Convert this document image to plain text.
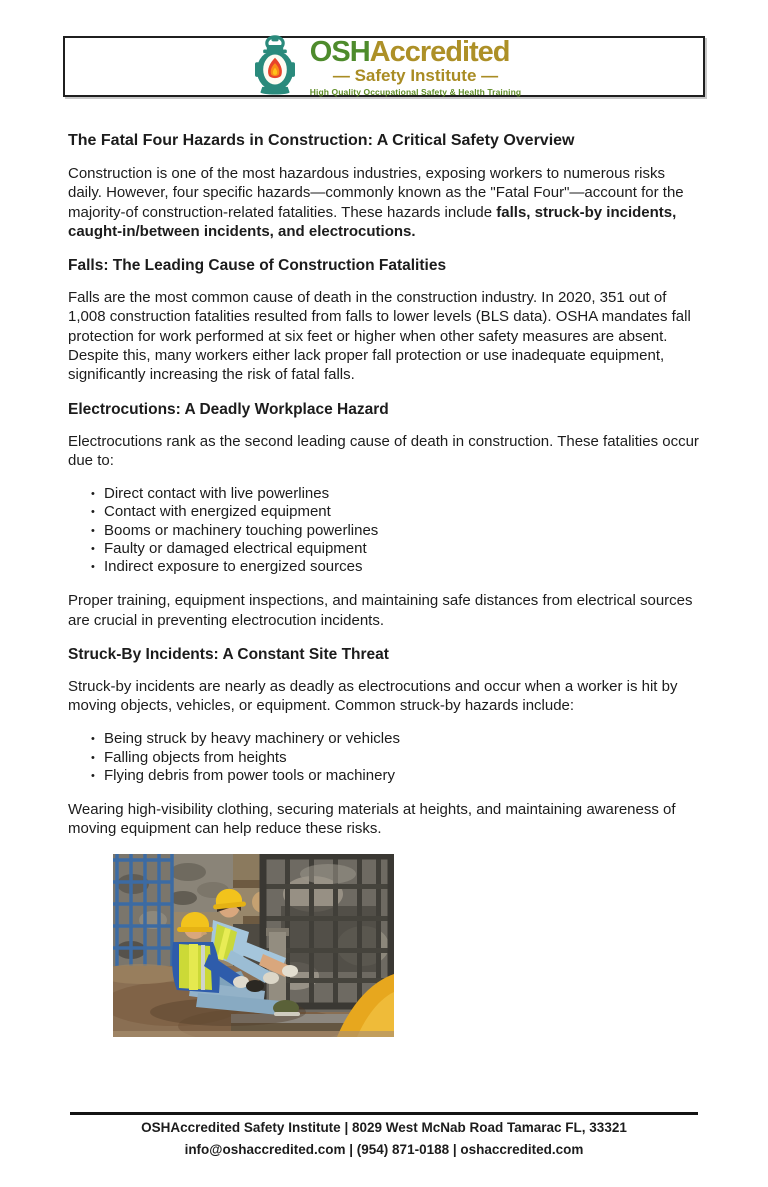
OSHAccredited
— Safety Institute —
High Quality Occupational Safety & Health Training
The Fatal Four Hazards in Construction: A Critical Safety Overview

Construction is one of the most hazardous industries, exposing workers to numerous risks daily. However, four specific hazards—commonly known as the "Fatal Four"—account for the majority-of construction-related fatalities. These hazards include falls, struck-by incidents, caught-in/between incidents, and electrocutions.

Falls: The Leading Cause of Construction Fatalities

Falls are the most common cause of death in the construction industry. In 2020, 351 out of 1,008 construction fatalities resulted from falls to lower levels (BLS data). OSHA mandates fall protection for work performed at six feet or higher when other safety measures are absent. Despite this, many workers either lack proper fall protection or use inadequate equipment, significantly increasing the risk of fatal falls.

Electrocutions: A Deadly Workplace Hazard

Electrocutions rank as the second leading cause of death in construction. These fatalities occur due to:

• Direct contact with live powerlines
• Contact with energized equipment
• Booms or machinery touching powerlines
• Faulty or damaged electrical equipment
• Indirect exposure to energized sources

Proper training, equipment inspections, and maintaining safe distances from electrical sources are crucial in preventing electrocution incidents.

Struck-By Incidents: A Constant Site Threat

Struck-by incidents are nearly as deadly as electrocutions and occur when a worker is hit by moving objects, vehicles, or equipment. Common struck-by hazards include:

• Being struck by heavy machinery or vehicles
• Falling objects from heights
• Flying debris from power tools or machinery

Wearing high-visibility clothing, securing materials at heights, and maintaining awareness of moving equipment can help reduce these risks.

OSHAccredited Safety Institute | 8029 West McNab Road Tamarac FL, 33321

info@oshaccredited.com | (954) 871-0188 | oshaccredited.com
